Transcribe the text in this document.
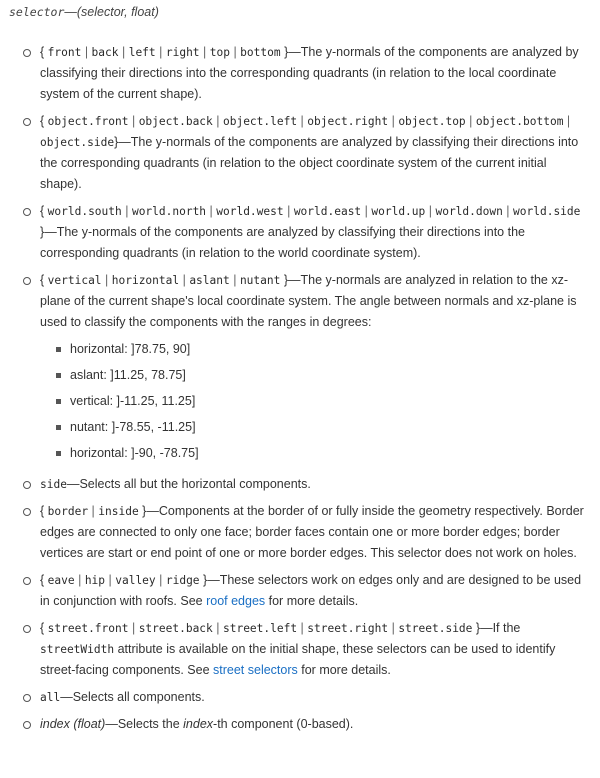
selector—(selector, float)
{ front | back | left | right | top | bottom }—The y-normals of the components are analyzed by classifying their directions into the corresponding quadrants (in relation to the local coordinate system of the current shape).
{ object.front | object.back | object.left | object.right | object.top | object.bottom | object.side}—The y-normals of the components are analyzed by classifying their directions into the corresponding quadrants (in relation to the object coordinate system of the current initial shape).
{ world.south | world.north | world.west | world.east | world.up | world.down | world.side }—The y-normals of the components are analyzed by classifying their directions into the corresponding quadrants (in relation to the world coordinate system).
{ vertical | horizontal | aslant | nutant }—The y-normals are analyzed in relation to the xz-plane of the current shape's local coordinate system. The angle between normals and xz-plane is used to classify the components with the ranges in degrees:
horizontal: ]78.75, 90]
aslant: ]11.25, 78.75]
vertical: ]-11.25, 11.25]
nutant: ]-78.55, -11.25]
horizontal: ]-90, -78.75]
side—Selects all but the horizontal components.
{ border | inside }—Components at the border of or fully inside the geometry respectively. Border edges are connected to only one face; border faces contain one or more border edges; border vertices are start or end point of one or more border edges. This selector does not work on holes.
{ eave | hip | valley | ridge }—These selectors work on edges only and are designed to be used in conjunction with roofs. See roof edges for more details.
{ street.front | street.back | street.left | street.right | street.side }—If the streetWidth attribute is available on the initial shape, these selectors can be used to identify street-facing components. See street selectors for more details.
all—Selects all components.
index (float)—Selects the index-th component (0-based).
